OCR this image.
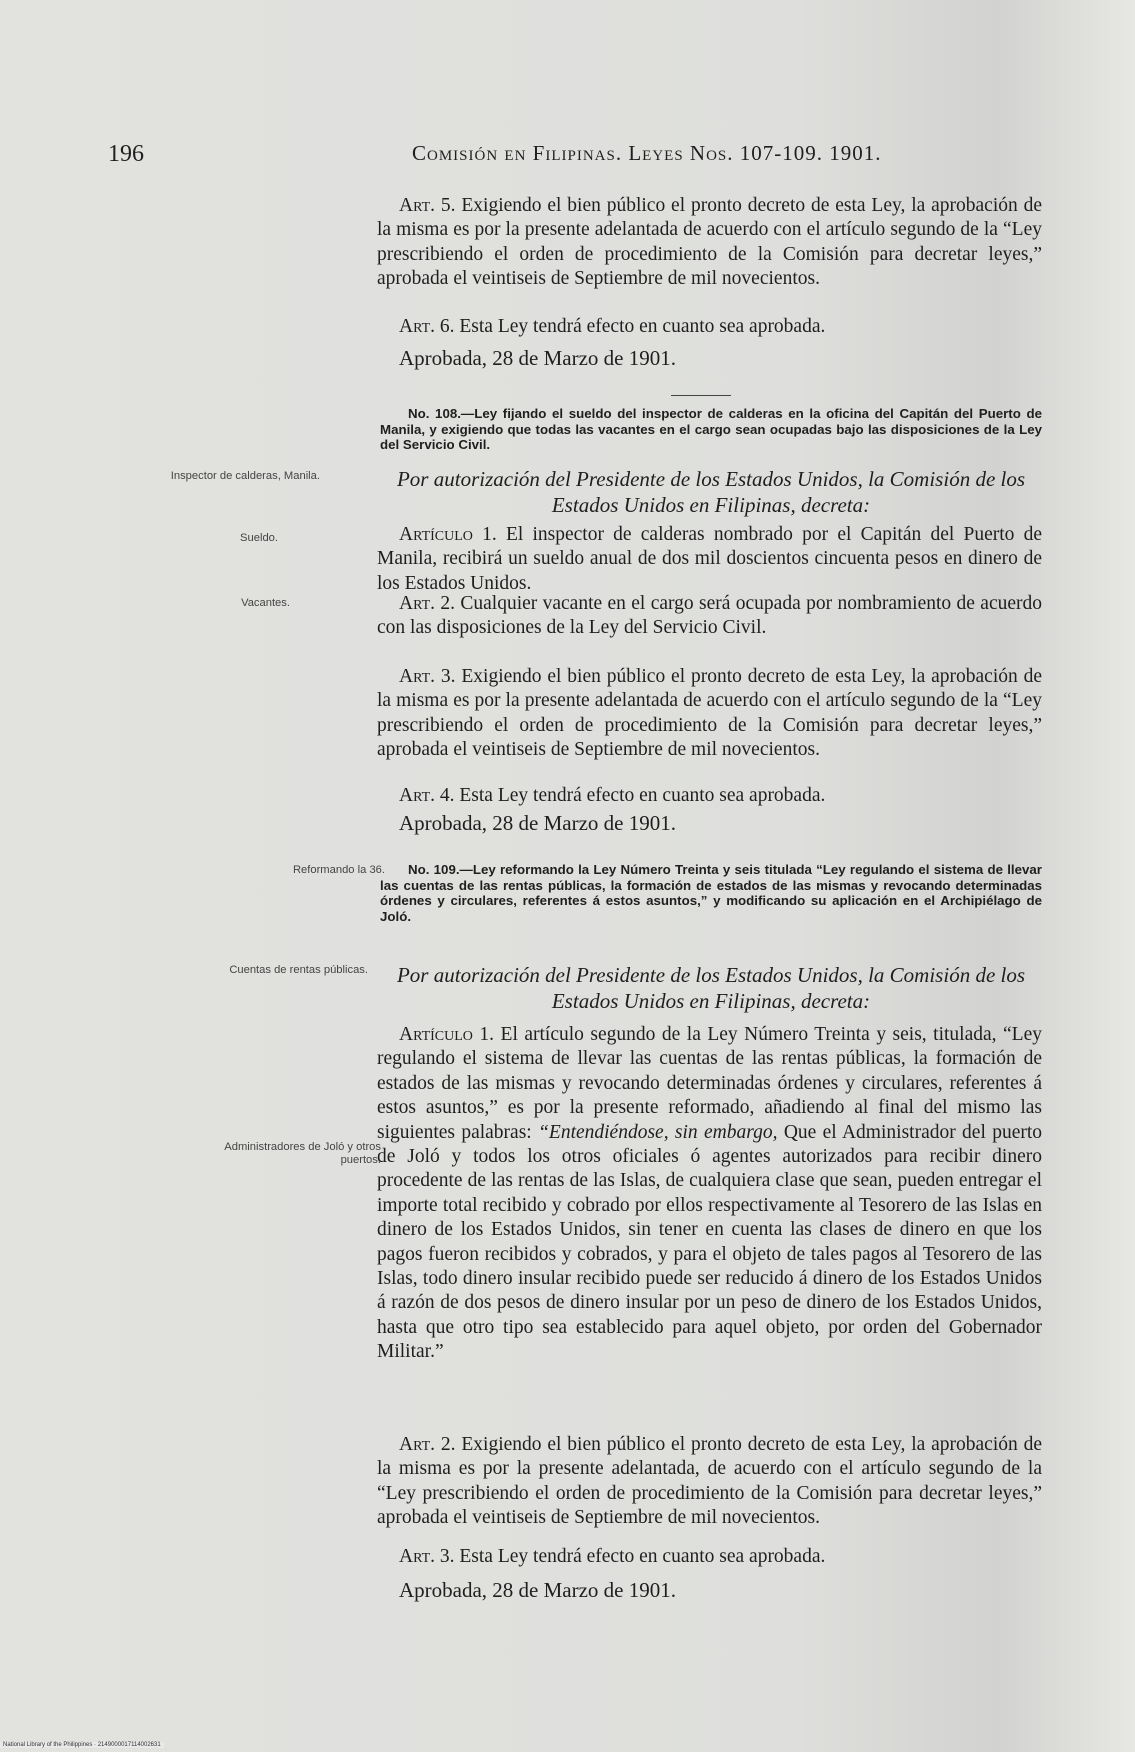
196	Comisión en Filipinas. Leyes Nos. 107-109. 1901.

Art. 5. Exigiendo el bien público el pronto decreto de esta Ley, la aprobación de la misma es por la presente adelantada de acuerdo con el artículo segundo de la “Ley prescribiendo el orden de procedimiento de la Comisión para decretar leyes,” aprobada el veintiseis de Septiembre de mil novecientos.

Art. 6. Esta Ley tendrá efecto en cuanto sea aprobada.

Aprobada, 28 de Marzo de 1901.

No. 108.—Ley fijando el sueldo del inspector de calderas en la oficina del Capitán del Puerto de Manila, y exigiendo que todas las vacantes en el cargo sean ocupadas bajo las disposiciones de la Ley del Servicio Civil.

Inspector de calderas, Manila.	Por autorización del Presidente de los Estados Unidos, la Comisión de los Estados Unidos en Filipinas, decreta:

Sueldo.	Artículo 1. El inspector de calderas nombrado por el Capitán del Puerto de Manila, recibirá un sueldo anual de dos mil doscientos cincuenta pesos en dinero de los Estados Unidos.

Vacantes.	Art. 2. Cualquier vacante en el cargo será ocupada por nombramiento de acuerdo con las disposiciones de la Ley del Servicio Civil.

Art. 3. Exigiendo el bien público el pronto decreto de esta Ley, la aprobación de la misma es por la presente adelantada de acuerdo con el artículo segundo de la “Ley prescribiendo el orden de procedimiento de la Comisión para decretar leyes,” aprobada el veintiseis de Septiembre de mil novecientos.

Art. 4. Esta Ley tendrá efecto en cuanto sea aprobada.

Aprobada, 28 de Marzo de 1901.

Reformando la 36.	No. 109.—Ley reformando la Ley Número Treinta y seis titulada “Ley regulando el sistema de llevar las cuentas de las rentas públicas, la formación de estados de las mismas y revocando determinadas órdenes y circulares, referentes á estos asuntos,” y modificando su aplicación en el Archipiélago de Joló.

Cuentas de rentas públicas.	Por autorización del Presidente de los Estados Unidos, la Comisión de los Estados Unidos en Filipinas, decreta:

Artículo 1. El artículo segundo de la Ley Número Treinta y seis, titulada, “Ley regulando el sistema de llevar las cuentas de las rentas públicas, la formación de estados de las mismas y revocando determinadas órdenes y circulares, referentes á estos asuntos,” es por la presente reformado, añadiendo al final del mismo las siguientes palabras: “Entendiéndose, sin embargo, Que el Administrador del puerto de Joló y todos los otros oficiales ó agentes autorizados para recibir dinero procedente de las rentas de las Islas, de cualquiera clase que sean, pueden entregar el importe total recibido y cobrado por ellos respectivamente al Tesorero de las Islas en dinero de los Estados Unidos, sin tener en cuenta las clases de dinero en que los pagos fueron recibidos y cobrados, y para el objeto de tales pagos al Tesorero de las Islas, todo dinero insular recibido puede ser reducido á dinero de los Estados Unidos á razón de dos pesos de dinero insular por un peso de dinero de los Estados Unidos, hasta que otro tipo sea establecido para aquel objeto, por orden del Gobernador Militar.”

Administradores de Joló y otros puertos.

Art. 2. Exigiendo el bien público el pronto decreto de esta Ley, la aprobación de la misma es por la presente adelantada, de acuerdo con el artículo segundo de la “Ley prescribiendo el orden de procedimiento de la Comisión para decretar leyes,” aprobada el veintiseis de Septiembre de mil novecientos.

Art. 3. Esta Ley tendrá efecto en cuanto sea aprobada.

Aprobada, 28 de Marzo de 1901.

National Library of the Philippines · 2149000017114002631
